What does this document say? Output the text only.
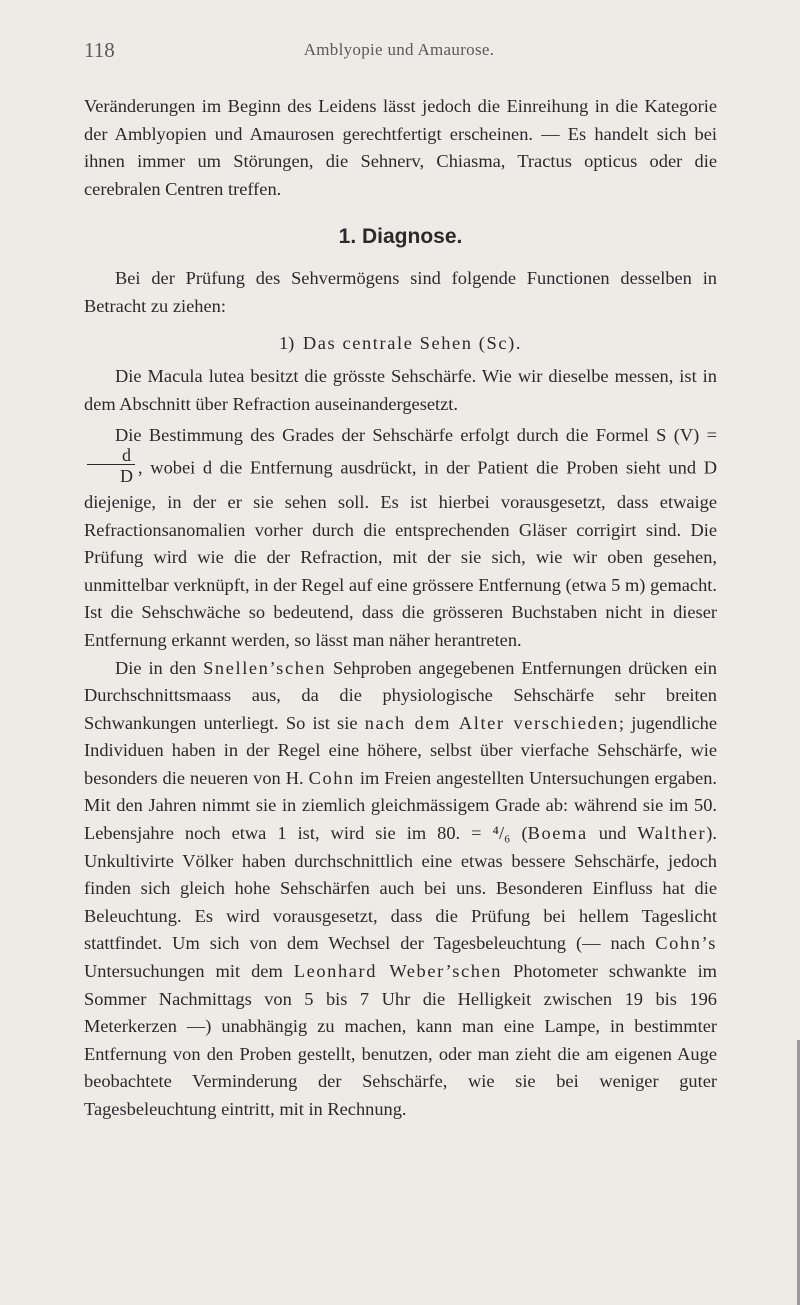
118	Amblyopie und Amaurose.

Veränderungen im Beginn des Leidens lässt jedoch die Einreihung in die Kategorie der Amblyopien und Amaurosen gerechtfertigt erscheinen. — Es handelt sich bei ihnen immer um Störungen, die Sehnerv, Chiasma, Tractus opticus oder die cerebralen Centren treffen.

1. Diagnose.

Bei der Prüfung des Sehvermögens sind folgende Functionen desselben in Betracht zu ziehen:

1) Das centrale Sehen (Sc).

Die Macula lutea besitzt die grösste Sehschärfe. Wie wir dieselbe messen, ist in dem Abschnitt über Refraction auseinandergesetzt.

Die Bestimmung des Grades der Sehschärfe erfolgt durch die Formel S (V) =
$\frac{d}{D}$ , wobei d die Entfernung ausdrückt, in der Patient die Proben sieht und D diejenige, in der er sie sehen soll. Es ist hierbei vorausgesetzt, dass etwaige Refractionsanomalien vorher durch die entsprechenden Gläser corrigirt sind. Die Prüfung wird wie die der Refraction, mit der sie sich, wie wir oben gesehen, unmittelbar verknüpft, in der Regel auf eine grössere Entfernung (etwa 5 m) gemacht. Ist die Sehschwäche so bedeutend, dass die grösseren Buchstaben nicht in dieser Entfernung erkannt werden, so lässt man näher herantreten.

Die in den Snellen’schen Sehproben angegebenen Entfernungen drücken ein Durchschnittsmaass aus, da die physiologische Sehschärfe sehr breiten Schwankungen unterliegt. So ist sie nach dem Alter verschieden; jugendliche Individuen haben in der Regel eine höhere, selbst über vierfache Sehschärfe, wie besonders die neueren von H. Cohn im Freien angestellten Untersuchungen ergaben. Mit den Jahren nimmt sie in ziemlich gleichmässigem Grade ab: während sie im 50. Lebensjahre noch etwa 1 ist, wird sie im 80. = ⁴/₆ (Boema und Walther). Unkultivirte Völker haben durchschnittlich eine etwas bessere Sehschärfe, jedoch finden sich gleich hohe Sehschärfen auch bei uns. Besonderen Einfluss hat die Beleuchtung. Es wird vorausgesetzt, dass die Prüfung bei hellem Tageslicht stattfindet. Um sich von dem Wechsel der Tagesbeleuchtung (— nach Cohn’s Untersuchungen mit dem Leonhard Weber’schen Photometer schwankte im Sommer Nachmittags von 5 bis 7 Uhr die Helligkeit zwischen 19 bis 196 Meterkerzen —) unabhängig zu machen, kann man eine Lampe, in bestimmter Entfernung von den Proben gestellt, benutzen, oder man zieht die am eigenen Auge beobachtete Verminderung der Sehschärfe, wie sie bei weniger guter Tagesbeleuchtung eintritt, mit in Rechnung.
